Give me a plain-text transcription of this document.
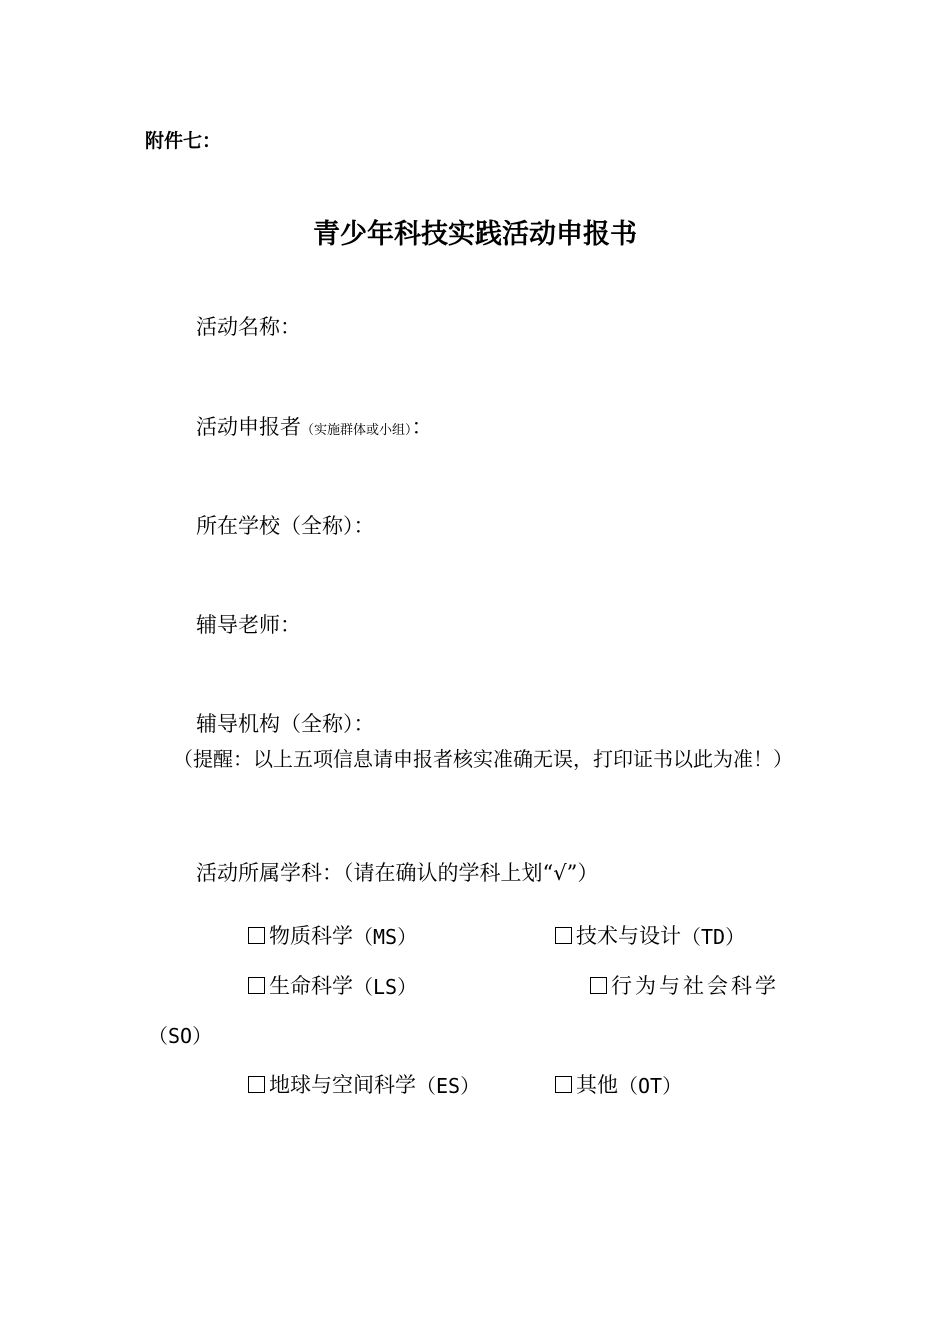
附件七：
青少年科技实践活动申报书
活动名称：
活动申报者（实施群体或小组）：
所在学校（全称）：
辅导老师：
辅导机构（全称）：
（提醒：以上五项信息请申报者核实准确无误，打印证书以此为准！）
活动所属学科：（请在确认的学科上划“√”）
物质科学 （MS）	技术与设计 （TD）
生命科学 （LS）	行为与社会科学
（SO）
地球与空间科学 （ES）	其他 （OT）
